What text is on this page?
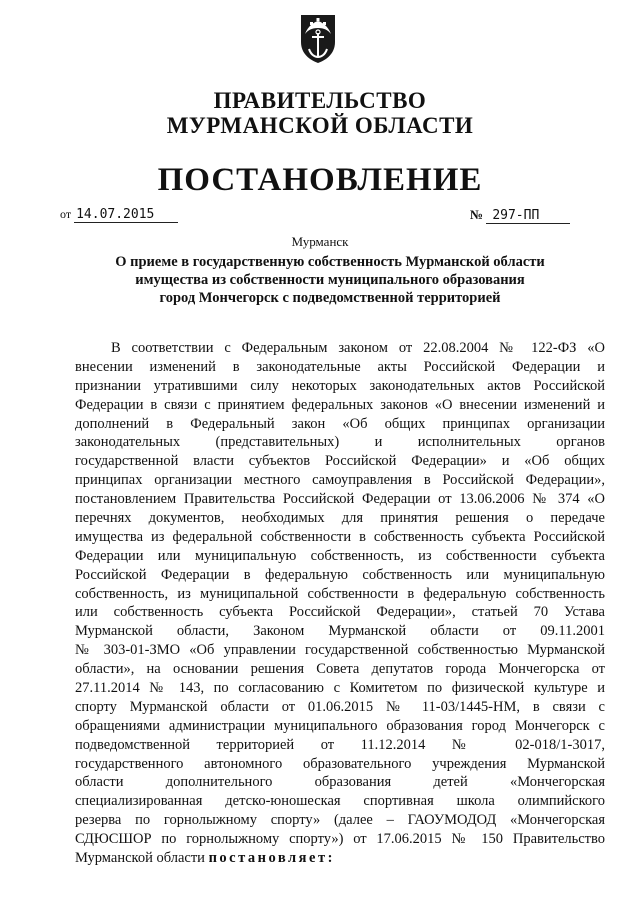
ПРАВИТЕЛЬСТВО
МУРМАНСКОЙ ОБЛАСТИ
ПОСТАНОВЛЕНИЕ
от 14.07.2015	№ 297-ПП
Мурманск
О приеме в государственную собственность Мурманской области
имущества из собственности муниципального образования
город Мончегорск с подведомственной территорией
В соответствии с Федеральным законом от 22.08.2004 № 122-ФЗ «О
внесении изменений в законодательные акты Российской Федерации и
признании утратившими силу некоторых законодательных актов Российской
Федерации в связи с принятием федеральных законов «О внесении изменений и
дополнений в Федеральный закон «Об общих принципах организации
законодательных (представительных) и исполнительных органов
государственной власти субъектов Российской Федерации» и «Об общих
принципах организации местного самоуправления в Российской Федерации»,
постановлением Правительства Российской Федерации от 13.06.2006 № 374 «О
перечнях документов, необходимых для принятия решения о передаче
имущества из федеральной собственности в собственность субъекта Российской
Федерации или муниципальную собственность, из собственности субъекта
Российской Федерации в федеральную собственность или муниципальную
собственность, из муниципальной собственности в федеральную собственность
или собственность субъекта Российской Федерации», статьей 70 Устава
Мурманской области, Законом Мурманской области от 09.11.2001
№ 303-01-ЗМО «Об управлении государственной собственностью Мурманской
области», на основании решения Совета депутатов города Мончегорска от
27.11.2014 № 143, по согласованию с Комитетом по физической культуре и
спорту Мурманской области от 01.06.2015 № 11-03/1445-НМ, в связи с
обращениями администрации муниципального образования город Мончегорск с
подведомственной территорией от 11.12.2014 № 02-018/1-3017,
государственного автономного образовательного учреждения Мурманской
области дополнительного образования детей «Мончегорская
специализированная детско-юношеская спортивная школа олимпийского
резерва по горнолыжному спорту» (далее – ГАОУМОДОД «Мончегорская
СДЮСШОР по горнолыжному спорту») от 17.06.2015 № 150 Правительство
Мурманской области постановляет:
